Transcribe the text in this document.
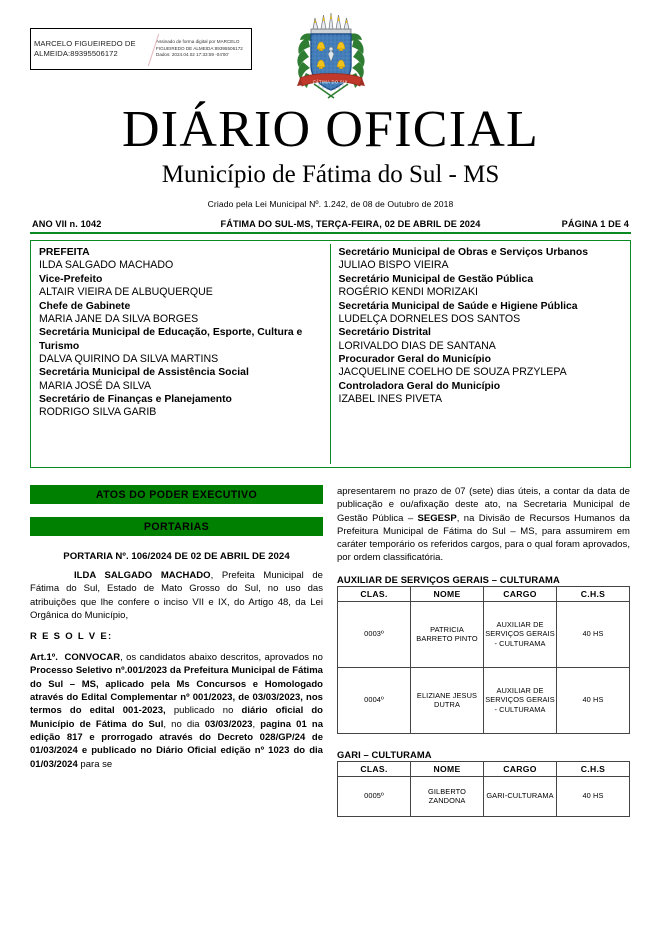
MARCELO FIGUEIREDO DE
ALMEIDA:89395506172
Assinado de forma digital por MARCELO
FIGUEIREDO DE ALMEIDA:89395506172
Dados: 2024.04.02 17:33:59 -04'00'
FÁTIMA DO SUL
DIÁRIO OFICIAL
Município de Fátima do Sul - MS
Criado pela Lei Municipal Nº. 1.242, de 08 de Outubro de 2018
ANO VII n. 1042	FÁTIMA DO SUL-MS, TERÇA-FEIRA, 02 DE ABRIL DE 2024	PÁGINA 1 DE 4
PREFEITA
ILDA SALGADO MACHADO
Vice-Prefeito
ALTAIR VIEIRA DE ALBUQUERQUE
Chefe de Gabinete
MARIA JANE DA SILVA BORGES
Secretária Municipal de Educação, Esporte, Cultura e Turismo
DALVA QUIRINO DA SILVA MARTINS
Secretária Municipal de Assistência Social
MARIA JOSÉ DA SILVA
Secretário de Finanças e Planejamento
RODRIGO SILVA GARIB
Secretário Municipal de Obras e Serviços Urbanos
JULIAO BISPO VIEIRA
Secretário Municipal de Gestão Pública
ROGÉRIO KENDI MORIZAKI
Secretária Municipal de Saúde e Higiene Pública
LUDELÇA DORNELES DOS SANTOS
Secretário Distrital
LORIVALDO DIAS DE SANTANA
Procurador Geral do Município
JACQUELINE COELHO DE SOUZA PRZYLEPA
Controladora Geral do Município
IZABEL INES PIVETA
ATOS DO PODER EXECUTIVO
PORTARIAS
PORTARIA Nº. 106/2024 DE 02 DE ABRIL DE 2024

ILDA SALGADO MACHADO, Prefeita Municipal de Fátima do Sul, Estado de Mato Grosso do Sul, no uso das atribuições que lhe confere o inciso VII e IX, do Artigo 48, da Lei Orgânica do Município,

R E S O L V E:

Art.1º. CONVOCAR, os candidatos abaixo descritos, aprovados no Processo Seletivo nº.001/2023 da Prefeitura Municipal de Fátima do Sul – MS, aplicado pela Ms Concursos e Homologado através do Edital Complementar nº 001/2023, de 03/03/2023, nos termos do edital 001-2023, publicado no diário oficial do Município de Fátima do Sul, no dia 03/03/2023, pagina 01 na edição 817 e prorrogado através do Decreto 028/GP/24 de 01/03/2024 e publicado no Diário Oficial edição nº 1023 do dia 01/03/2024 para se

apresentarem no prazo de 07 (sete) dias úteis, a contar da data de publicação e ou/afixação deste ato, na Secretaria Municipal de Gestão Pública – SEGESP, na Divisão de Recursos Humanos da Prefeitura Municipal de Fátima do Sul – MS, para assumirem em caráter temporário os referidos cargos, para o qual foram aprovados, por ordem classificatória.

AUXILIAR DE SERVIÇOS GERAIS – CULTURAMA
CLAS.	NOME	CARGO	C.H.S
0003º	PATRICIA BARRETO PINTO	AUXILIAR DE SERVIÇOS GERAIS - CULTURAMA	40 HS
0004º	ELIZIANE JESUS DUTRA	AUXILIAR DE SERVIÇOS GERAIS - CULTURAMA	40 HS
GARI – CULTURAMA
CLAS.	NOME	CARGO	C.H.S
0005º	GILBERTO ZANDONA	GARI-CULTURAMA	40 HS
